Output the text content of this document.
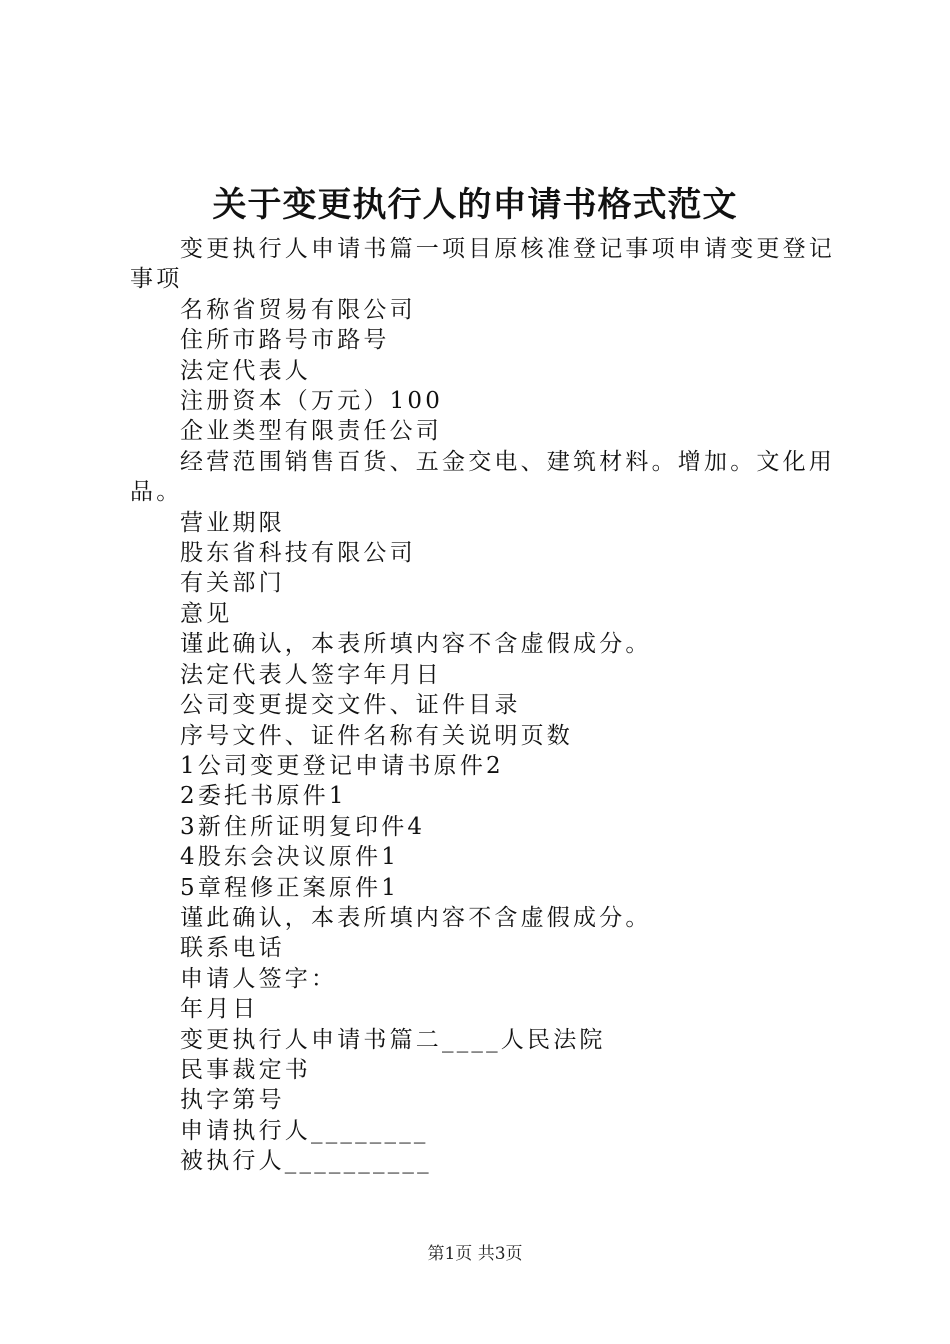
关于变更执行人的申请书格式范文

变更执行人申请书篇一项目原核准登记事项申请变更登记事项

名称省贸易有限公司

住所市路号市路号

法定代表人

注册资本（万元）100

企业类型有限责任公司

经营范围销售百货、五金交电、建筑材料。增加。文化用品。

营业期限

股东省科技有限公司

有关部门

意见

谨此确认，本表所填内容不含虚假成分。

法定代表人签字年月日

公司变更提交文件、证件目录

序号文件、证件名称有关说明页数

1公司变更登记申请书原件2

2委托书原件1

3新住所证明复印件4

4股东会决议原件1

5章程修正案原件1

谨此确认，本表所填内容不含虚假成分。

联系电话

申请人签字：

年月日

变更执行人申请书篇二____人民法院

民事裁定书

执字第号

申请执行人________

被执行人__________

第1页 共3页
